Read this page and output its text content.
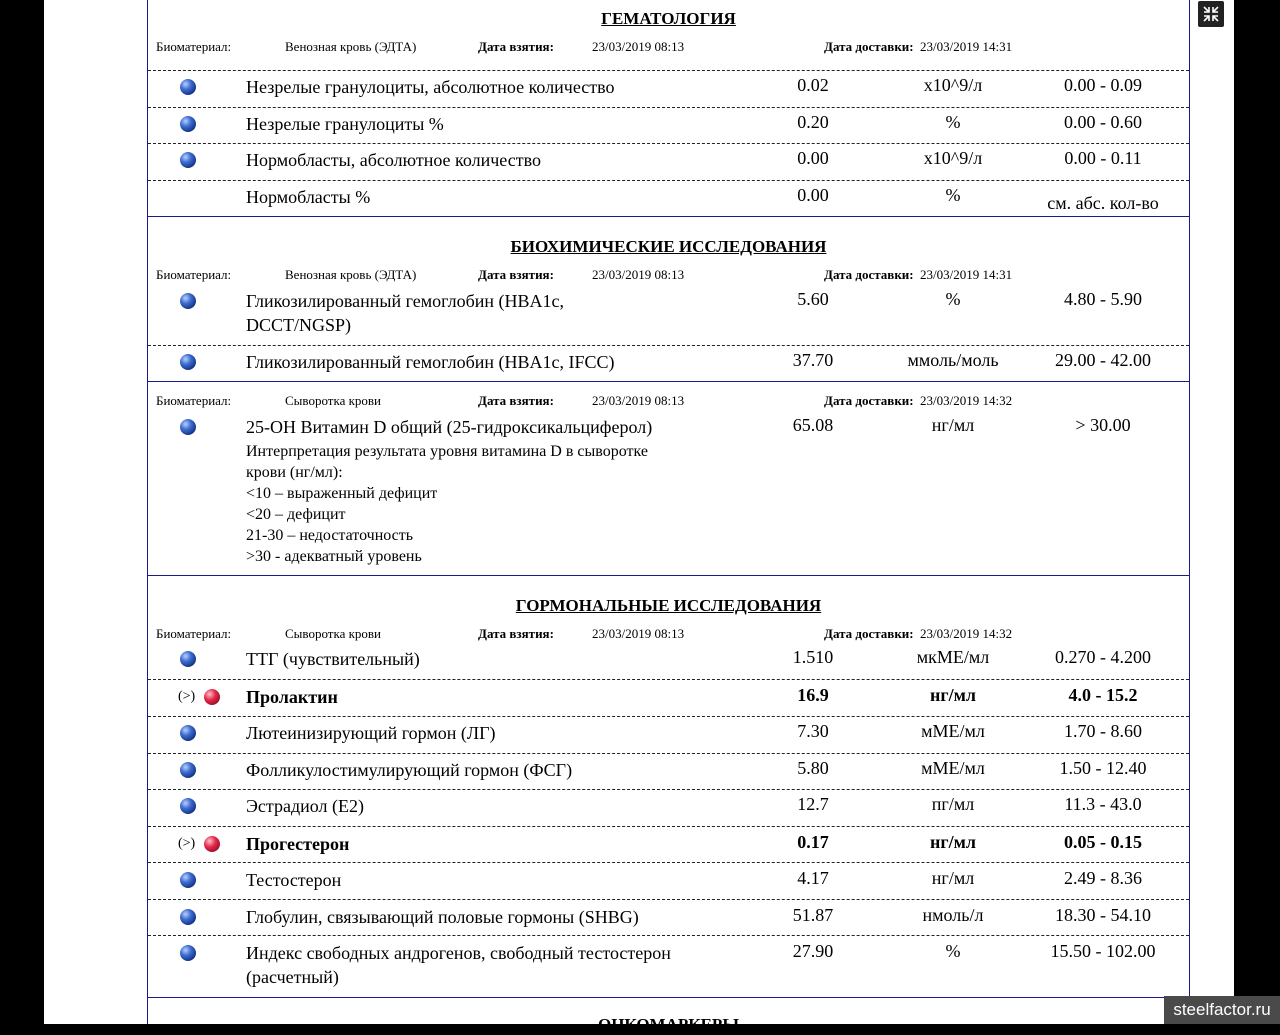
ГЕМАТОЛОГИЯ
Биоматериал:	Венозная кровь (ЭДТА)	Дата взятия:	23/03/2019 08:13	Дата доставки: 23/03/2019 14:31
Незрелые гранулоциты, абсолютное количество	0.02	x10^9/л	0.00 - 0.09
Незрелые гранулоциты %	0.20	%	0.00 - 0.60
Нормобласты, абсолютное количество	0.00	x10^9/л	0.00 - 0.11
Нормобласты %	0.00	%	см. абс. кол-во
БИОХИМИЧЕСКИЕ ИССЛЕДОВАНИЯ
Биоматериал:	Венозная кровь (ЭДТА)	Дата взятия:	23/03/2019 08:13	Дата доставки: 23/03/2019 14:31
Гликозилированный гемоглобин (HBA1c, DCCT/NGSP)
5.60	%	4.80 - 5.90
Гликозилированный гемоглобин (HBA1c, IFCC)	37.70	ммоль/моль	29.00 - 42.00
Биоматериал:	Сыворотка крови	Дата взятия:	23/03/2019 08:13	Дата доставки: 23/03/2019 14:32
25-OH Витамин D общий (25-гидроксикальциферол)	65.08	нг/мл	> 30.00
Интерпретация результата уровня витамина D в сыворотке
крови (нг/мл):
<10 – выраженный дефицит
<20 – дефицит
21-30 – недостаточность
>30 - адекватный уровень
ГОРМОНАЛЬНЫЕ ИССЛЕДОВАНИЯ
Биоматериал:	Сыворотка крови	Дата взятия:	23/03/2019 08:13	Дата доставки: 23/03/2019 14:32
ТТГ (чувствительный)	1.510	мкМЕ/мл	0.270 - 4.200
(>)	Пролактин	16.9	нг/мл	4.0 - 15.2
Лютеинизирующий гормон (ЛГ)	7.30	мМЕ/мл	1.70 - 8.60
Фолликулостимулирующий гормон (ФСГ)	5.80	мМЕ/мл	1.50 - 12.40
Эстрадиол (Е2)	12.7	пг/мл	11.3 - 43.0
(>)	Прогестерон	0.17	нг/мл	0.05 - 0.15
Тестостерон	4.17	нг/мл	2.49 - 8.36
Глобулин, связывающий половые гормоны (SHBG)	51.87	нмоль/л	18.30 - 54.10
Индекс свободных андрогенов, свободный тестостерон (расчетный)
27.90	%	15.50 - 102.00
ОНКОМАРКЕРЫ
steelfactor.ru
